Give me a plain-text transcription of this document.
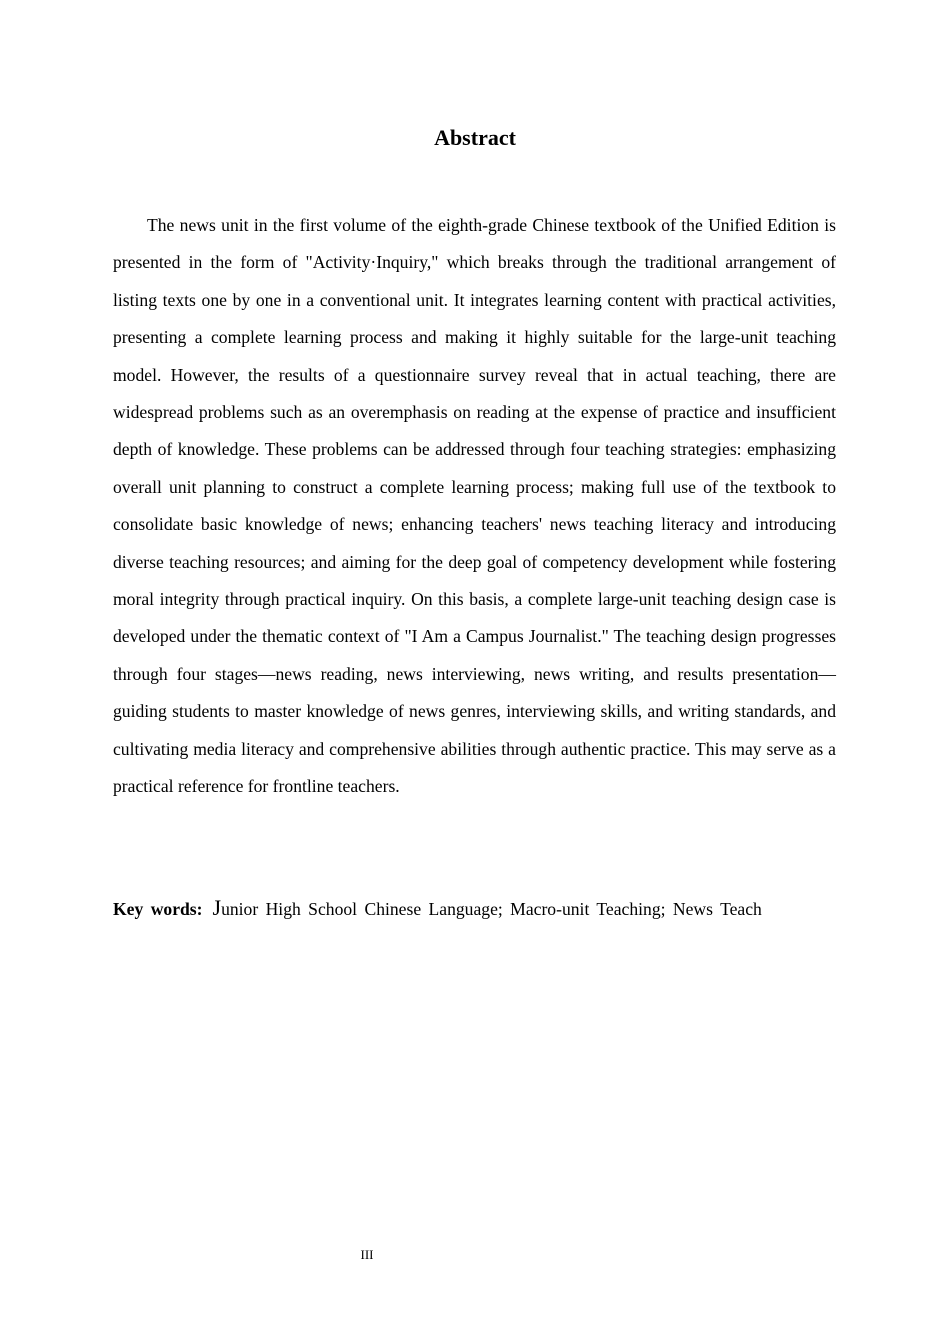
Abstract

The news unit in the first volume of the eighth-grade Chinese textbook of the Unified Edition is presented in the form of "Activity·Inquiry," which breaks through the traditional arrangement of listing texts one by one in a conventional unit. It integrates learning content with practical activities, presenting a complete learning process and making it highly suitable for the large-unit teaching model. However, the results of a questionnaire survey reveal that in actual teaching, there are widespread problems such as an overemphasis on reading at the expense of practice and insufficient depth of knowledge. These problems can be addressed through four teaching strategies: emphasizing overall unit planning to construct a complete learning process; making full use of the textbook to consolidate basic knowledge of news; enhancing teachers' news teaching literacy and introducing diverse teaching resources; and aiming for the deep goal of competency development while fostering moral integrity through practical inquiry. On this basis, a complete large-unit teaching design case is developed under the thematic context of "I Am a Campus Journalist." The teaching design progresses through four stages—news reading, news interviewing, news writing, and results presentation—guiding students to master knowledge of news genres, interviewing skills, and writing standards, and cultivating media literacy and comprehensive abilities through authentic practice. This may serve as a practical reference for frontline teachers.

Key words: Junior High School Chinese Language; Macro-unit Teaching; News Teach

III
